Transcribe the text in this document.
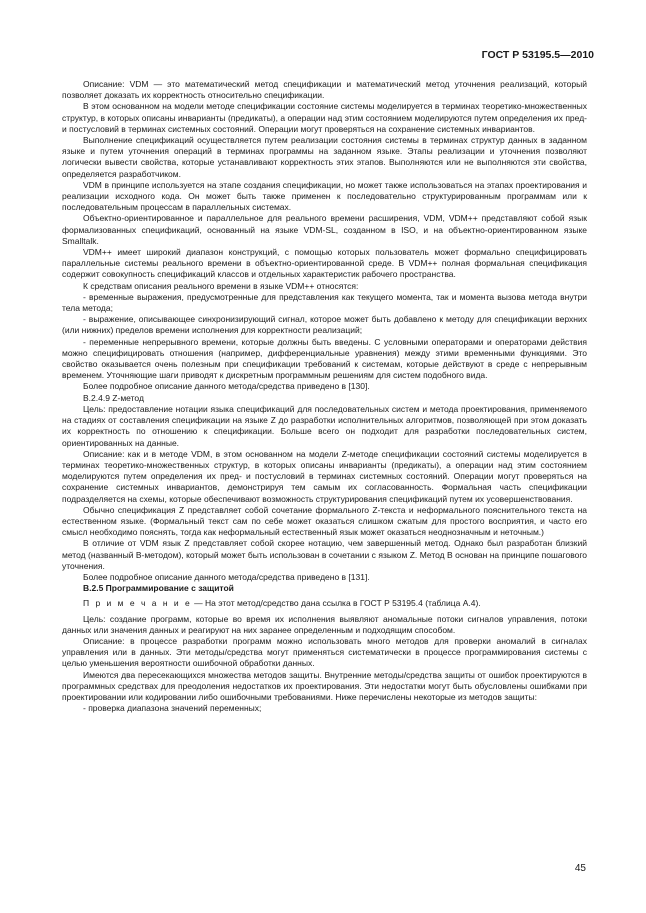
ГОСТ Р 53195.5—2010

Описание: VDM — это математический метод спецификации и математический метод уточнения реализаций, который позволяет доказать их корректность относительно спецификации.

В этом основанном на модели методе спецификации состояние системы моделируется в терминах теоретико-множественных структур, в которых описаны инварианты (предикаты), а операции над этим состоянием моделируются путем определения их пред- и постусловий в терминах системных состояний. Операции могут проверяться на сохранение системных инвариантов.

Выполнение спецификаций осуществляется путем реализации состояния системы в терминах структур данных в заданном языке и путем уточнения операций в терминах программы на заданном языке. Этапы реализации и уточнения позволяют логически вывести свойства, которые устанавливают корректность этих этапов. Выполняются или не выполняются эти свойства, определяется разработчиком.

VDM в принципе используется на этапе создания спецификации, но может также использоваться на этапах проектирования и реализации исходного кода. Он может быть также применен к последовательно структурированным программам или к последовательным процессам в параллельных системах.

Объектно-ориентированное и параллельное для реального времени расширения, VDM, VDM++ представляют собой язык формализованных спецификаций, основанный на языке VDM-SL, созданном в ISO, и на объектно-ориентированном языке Smalltalk.

VDM++ имеет широкий диапазон конструкций, с помощью которых пользователь может формально специфицировать параллельные системы реального времени в объектно-ориентированной среде. В VDM++ полная формальная спецификация содержит совокупность спецификаций классов и отдельных характеристик рабочего пространства.

К средствам описания реального времени в языке VDM++ относятся:

- временные выражения, предусмотренные для представления как текущего момента, так и момента вызова метода внутри тела метода;

- выражение, описывающее синхронизирующий сигнал, которое может быть добавлено к методу для спецификации верхних (или нижних) пределов времени исполнения для корректности реализаций;

- переменные непрерывного времени, которые должны быть введены. С условными операторами и операторами действия можно специфицировать отношения (например, дифференциальные уравнения) между этими временными функциями. Это свойство оказывается очень полезным при спецификации требований к системам, которые действуют в среде с непрерывным временем. Уточняющие шаги приводят к дискретным программным решениям для систем подобного вида.

Более подробное описание данного метода/средства приведено в [130].

В.2.4.9 Z-метод

Цель: предоставление нотации языка спецификаций для последовательных систем и метода проектирования, применяемого на стадиях от составления спецификации на языке Z до разработки исполнительных алгоритмов, позволяющей при этом доказать их корректность по отношению к спецификации. Больше всего он подходит для разработки последовательных систем, ориентированных на данные.

Описание: как и в методе VDM, в этом основанном на модели Z-методе спецификации состояний системы моделируется в терминах теоретико-множественных структур, в которых описаны инварианты (предикаты), а операции над этим состоянием моделируются путем определения их пред- и постусловий в терминах системных состояний. Операции могут проверяться на сохранение системных инвариантов, демонстрируя тем самым их согласованность. Формальная часть спецификации подразделяется на схемы, которые обеспечивают возможность структурирования спецификаций путем их усовершенствования.

Обычно спецификация Z представляет собой сочетание формального Z-текста и неформального пояснительного текста на естественном языке. (Формальный текст сам по себе может оказаться слишком сжатым для простого восприятия, и часто его смысл необходимо пояснять, тогда как неформальный естественный язык может оказаться неоднозначным и неточным.)

В отличие от VDM язык Z представляет собой скорее нотацию, чем завершенный метод. Однако был разработан близкий метод (названный В-методом), который может быть использован в сочетании с языком Z. Метод В основан на принципе пошагового уточнения.

Более подробное описание данного метода/средства приведено в [131].

В.2.5 Программирование с защитой

П р и м е ч а н и е — На этот метод/средство дана ссылка в ГОСТ Р 53195.4 (таблица А.4).

Цель: создание программ, которые во время их исполнения выявляют аномальные потоки сигналов управления, потоки данных или значения данных и реагируют на них заранее определенным и подходящим способом.

Описание: в процессе разработки программ можно использовать много методов для проверки аномалий в сигналах управления или в данных. Эти методы/средства могут применяться систематически в процессе программирования системы с целью уменьшения вероятности ошибочной обработки данных.

Имеются два пересекающихся множества методов защиты. Внутренние методы/средства защиты от ошибок проектируются в программных средствах для преодоления недостатков их проектирования. Эти недостатки могут быть обусловлены ошибками при проектировании или кодировании либо ошибочными требованиями. Ниже перечислены некоторые из методов защиты:

- проверка диапазона значений переменных;

45
